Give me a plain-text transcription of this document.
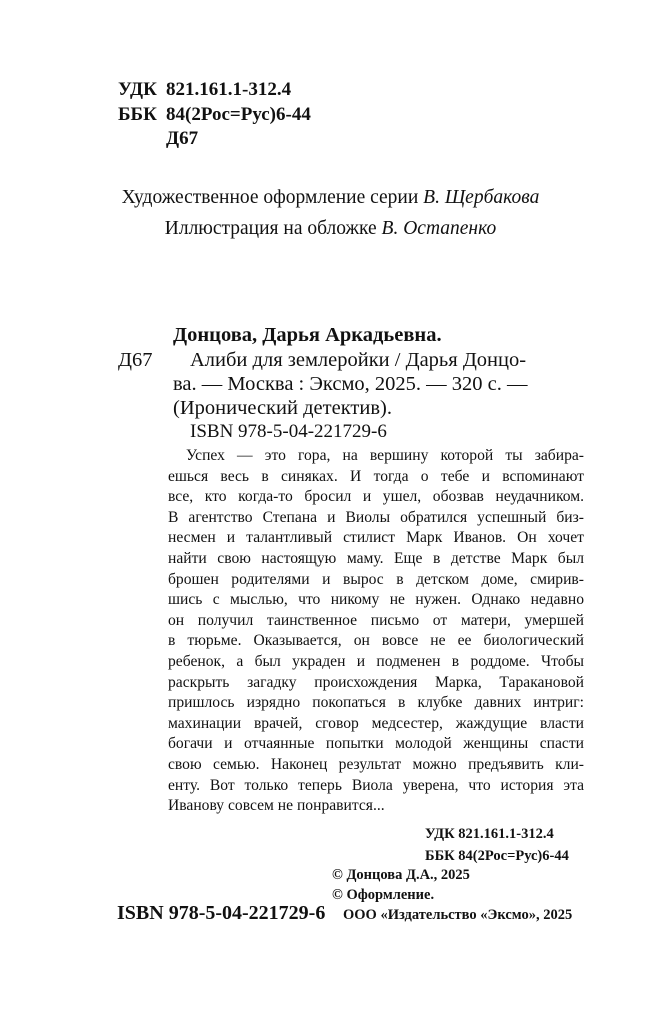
УДК 821.161.1-312.4
ББК 84(2Рос=Рус)6-44
Д67
Художественное оформление серии В. Щербакова
Иллюстрация на обложке В. Остапенко
Донцова, Дарья Аркадьевна.
Д67 Алиби для землеройки / Дарья Донцо-
ва. — Москва : Эксмо, 2025. — 320 с. —
(Иронический детектив).
ISBN 978-5-04-221729-6
Успех — это гора, на вершину которой ты забира-
ешься весь в синяках. И тогда о тебе и вспоминают
все, кто когда-то бросил и ушел, обозвав неудачником.
В агентство Степана и Виолы обратился успешный биз-
несмен и талантливый стилист Марк Иванов. Он хочет
найти свою настоящую маму. Еще в детстве Марк был
брошен родителями и вырос в детском доме, смирив-
шись с мыслью, что никому не нужен. Однако недавно
он получил таинственное письмо от матери, умершей
в тюрьме. Оказывается, он вовсе не ее биологический
ребенок, а был украден и подменен в роддоме. Чтобы
раскрыть загадку происхождения Марка, Таракановой
пришлось изрядно покопаться в клубке давних интриг:
махинации врачей, сговор медсестер, жаждущие власти
богачи и отчаянные попытки молодой женщины спасти
свою семью. Наконец результат можно предъявить кли-
енту. Вот только теперь Виола уверена, что история эта
Иванову совсем не понравится...
УДК 821.161.1-312.4
ББК 84(2Рос=Рус)6-44
© Донцова Д.А., 2025
© Оформление.
ООО «Издательство «Эксмо», 2025
ISBN 978-5-04-221729-6
